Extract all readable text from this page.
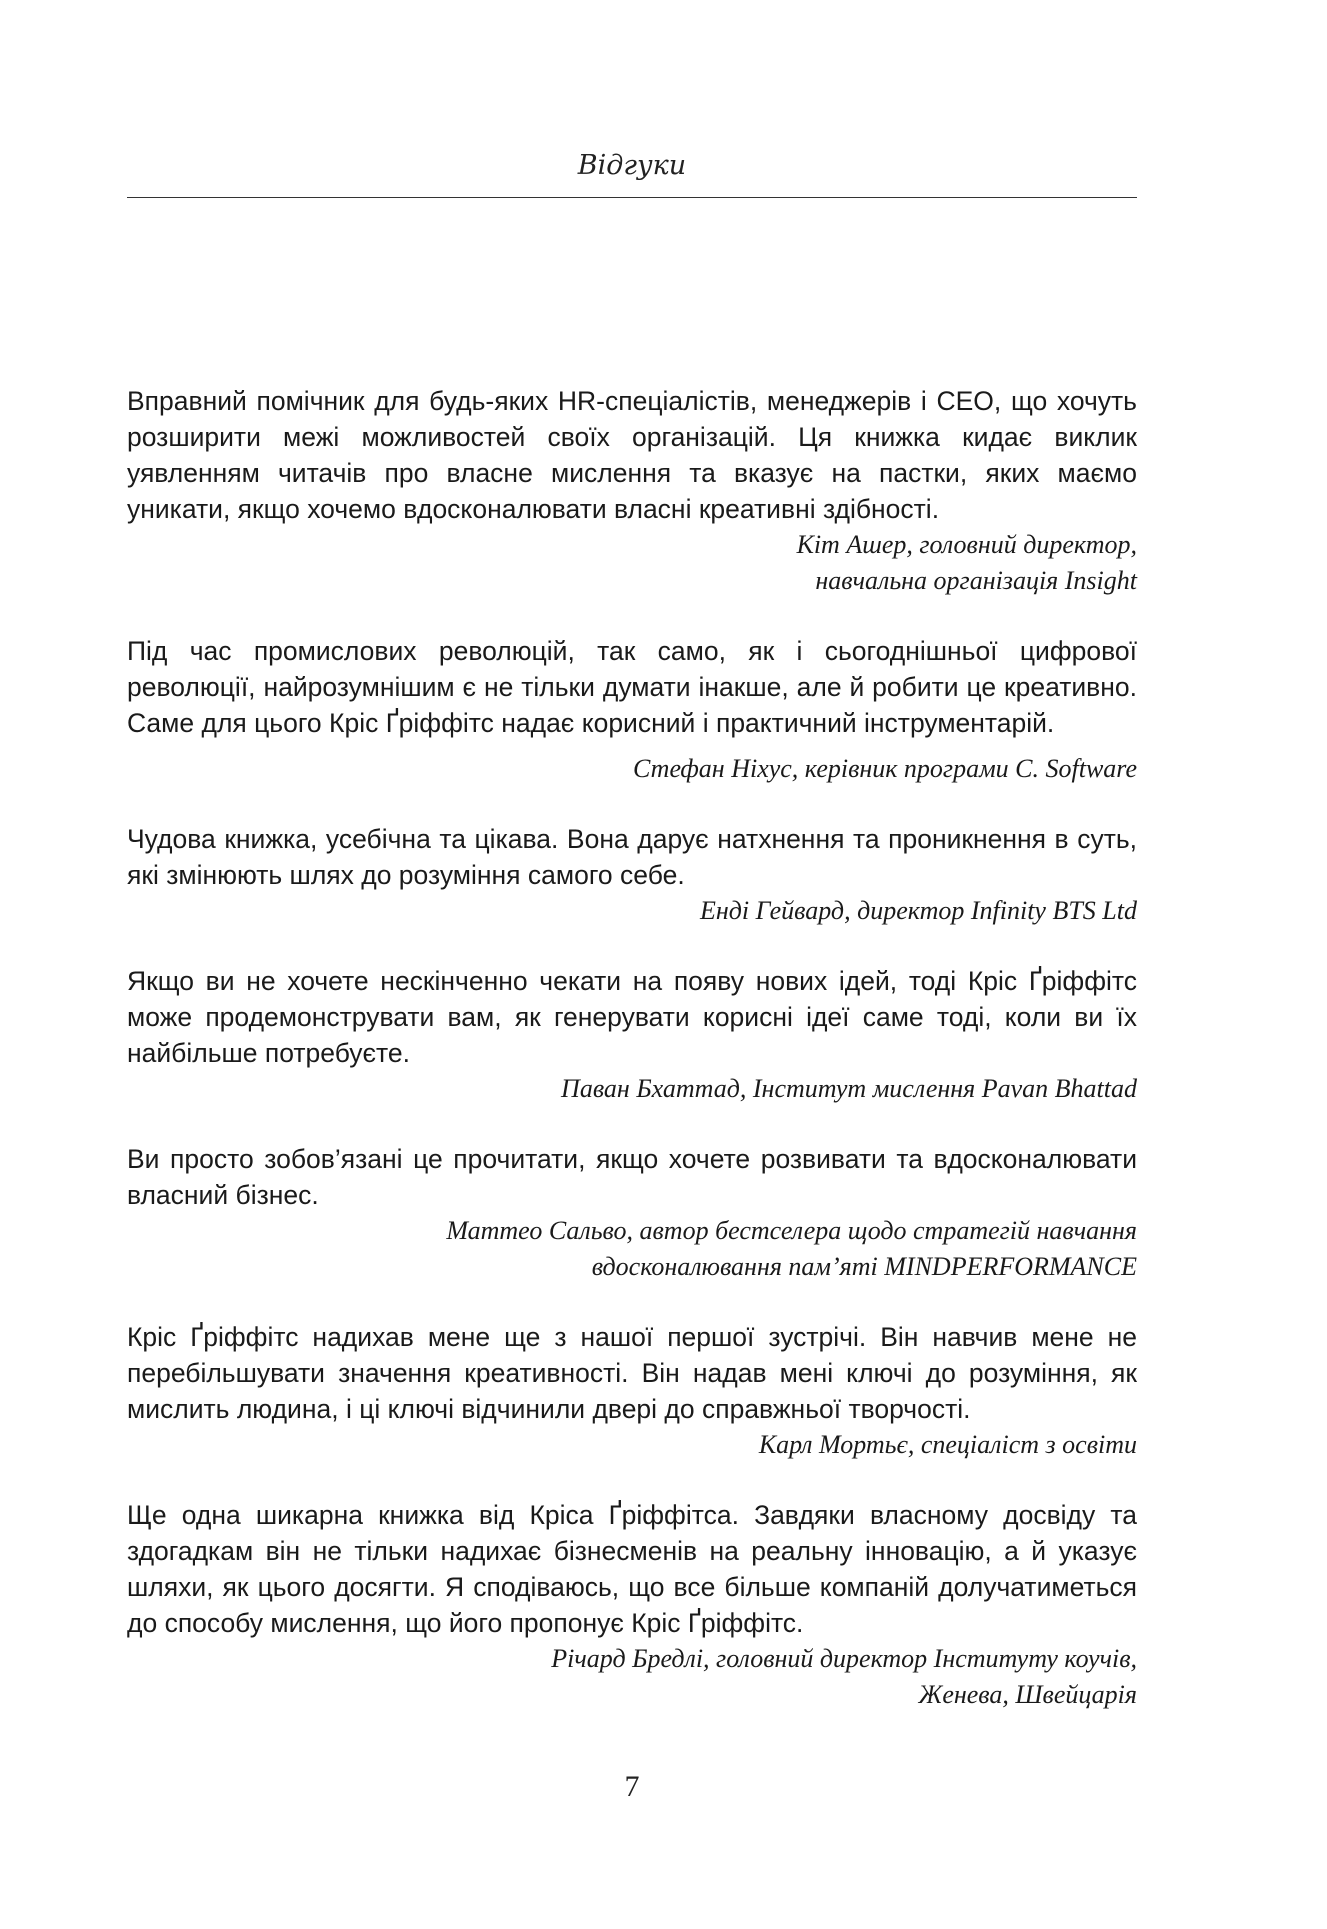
Відгуки

Вправний помічник для будь-яких HR-спеціалістів, менеджерів і CEO, що хочуть розширити межі можливостей своїх організацій. Ця книжка кидає виклик уявленням читачів про власне мислення та вказує на пастки, яких маємо уникати, якщо хочемо вдосконалювати власні креативні здібності.

Кіт Ашер, головний директор,
навчальна організація Insight

Під час промислових революцій, так само, як і сьогоднішньої цифрової революції, найрозумнішим є не тільки думати інакше, але й робити це креативно. Саме для цього Кріс Ґріффітс надає корисний і практичний інструментарій.

Стефан Ніхус, керівник програми C. Software

Чудова книжка, усебічна та цікава. Вона дарує натхнення та проникнення в суть, які змінюють шлях до розуміння самого себе.

Енді Гейвард, директор Infinity BTS Ltd

Якщо ви не хочете нескінченно чекати на появу нових ідей, тоді Кріс Ґріффітс може продемонструвати вам, як генерувати корисні ідеї саме тоді, коли ви їх найбільше потребуєте.

Паван Бхаттад, Інститут мислення Pavan Bhattad

Ви просто зобов’язані це прочитати, якщо хочете розвивати та вдосконалювати власний бізнес.

Маттео Сальво, автор бестселера щодо стратегій навчання
вдосконалювання пам’яті MINDPERFORMANCE

Кріс Ґріффітс надихав мене ще з нашої першої зустрічі. Він навчив мене не перебільшувати значення креативності. Він надав мені ключі до розуміння, як мислить людина, і ці ключі відчинили двері до справжньої творчості.

Карл Мортьє, спеціаліст з освіти

Ще одна шикарна книжка від Кріса Ґріффітса. Завдяки власному досвіду та здогадкам він не тільки надихає бізнесменів на реальну інновацію, а й указує шляхи, як цього досягти. Я сподіваюсь, що все більше компаній долучатиметься до способу мислення, що його пропонує Кріс Ґріффітс.

Річард Бредлі, головний директор Інституту коучів,
Женева, Швейцарія

7
